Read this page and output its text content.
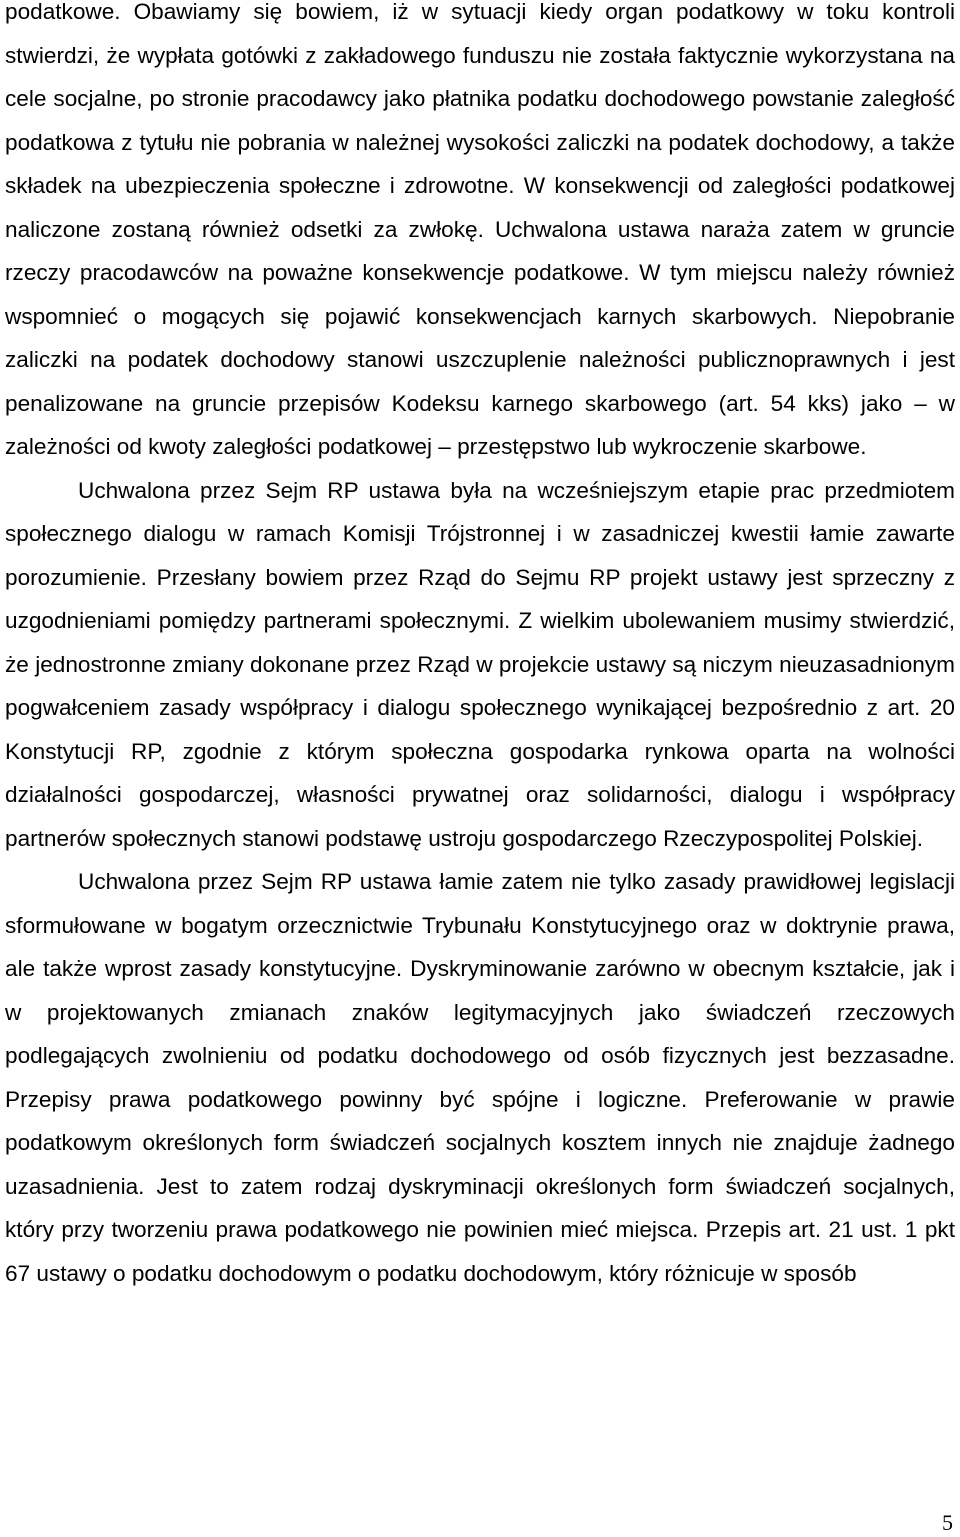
podatkowe. Obawiamy się bowiem, iż w sytuacji kiedy organ podatkowy w toku kontroli stwierdzi, że wypłata gotówki z zakładowego funduszu nie została faktycznie wykorzystana na cele socjalne, po stronie pracodawcy jako płatnika podatku dochodowego powstanie zaległość podatkowa z tytułu nie pobrania w należnej wysokości zaliczki na podatek dochodowy, a także składek na ubezpieczenia społeczne i zdrowotne. W konsekwencji od zaległości podatkowej naliczone zostaną również odsetki za zwłokę. Uchwalona ustawa naraża zatem w gruncie rzeczy pracodawców na poważne konsekwencje podatkowe. W tym miejscu należy również wspomnieć o mogących się pojawić konsekwencjach karnych skarbowych. Niepobranie zaliczki na podatek dochodowy stanowi uszczuplenie należności publicznoprawnych i jest penalizowane na gruncie przepisów Kodeksu karnego skarbowego (art. 54 kks) jako – w zależności od kwoty zaległości podatkowej – przestępstwo lub wykroczenie skarbowe.

Uchwalona przez Sejm RP ustawa była na wcześniejszym etapie prac przedmiotem społecznego dialogu w ramach Komisji Trójstronnej i w zasadniczej kwestii łamie zawarte porozumienie. Przesłany bowiem przez Rząd do Sejmu RP projekt ustawy jest sprzeczny z uzgodnieniami pomiędzy partnerami społecznymi. Z wielkim ubolewaniem musimy stwierdzić, że jednostronne zmiany dokonane przez Rząd w projekcie ustawy są niczym nieuzasadnionym pogwałceniem zasady współpracy i dialogu społecznego wynikającej bezpośrednio z art. 20 Konstytucji RP, zgodnie z którym społeczna gospodarka rynkowa oparta na wolności działalności gospodarczej, własności prywatnej oraz solidarności, dialogu i współpracy partnerów społecznych stanowi podstawę ustroju gospodarczego Rzeczypospolitej Polskiej.

Uchwalona przez Sejm RP ustawa łamie zatem nie tylko zasady prawidłowej legislacji sformułowane w bogatym orzecznictwie Trybunału Konstytucyjnego oraz w doktrynie prawa, ale także wprost zasady konstytucyjne. Dyskryminowanie zarówno w obecnym kształcie, jak i w projektowanych zmianach znaków legitymacyjnych jako świadczeń rzeczowych podlegających zwolnieniu od podatku dochodowego od osób fizycznych jest bezzasadne. Przepisy prawa podatkowego powinny być spójne i logiczne. Preferowanie w prawie podatkowym określonych form świadczeń socjalnych kosztem innych nie znajduje żadnego uzasadnienia. Jest to zatem rodzaj dyskryminacji określonych form świadczeń socjalnych, który przy tworzeniu prawa podatkowego nie powinien mieć miejsca. Przepis art. 21 ust. 1 pkt 67 ustawy o podatku dochodowym o podatku dochodowym, który różnicuje w sposób

5
